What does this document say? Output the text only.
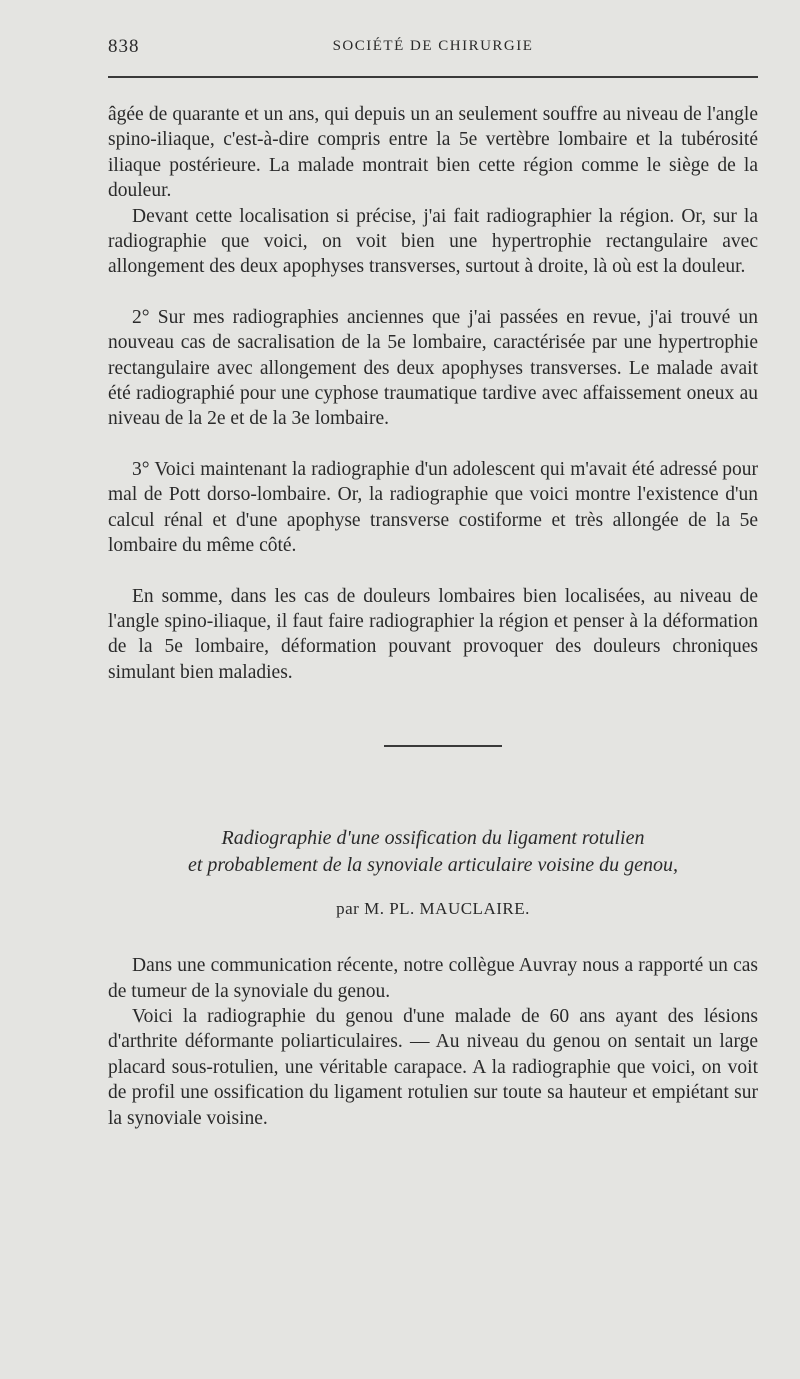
838	SOCIÉTÉ DE CHIRURGIE

âgée de quarante et un ans, qui depuis un an seulement souffre au niveau de l'angle spino-iliaque, c'est-à-dire compris entre la 5e vertèbre lombaire et la tubérosité iliaque postérieure. La malade montrait bien cette région comme le siège de la douleur.

Devant cette localisation si précise, j'ai fait radiographier la région. Or, sur la radiographie que voici, on voit bien une hypertrophie rectangulaire avec allongement des deux apophyses transverses, surtout à droite, là où est la douleur.

2° Sur mes radiographies anciennes que j'ai passées en revue, j'ai trouvé un nouveau cas de sacralisation de la 5e lombaire, caractérisée par une hypertrophie rectangulaire avec allongement des deux apophyses transverses. Le malade avait été radiographié pour une cyphose traumatique tardive avec affaissement oneux au niveau de la 2e et de la 3e lombaire.

3° Voici maintenant la radiographie d'un adolescent qui m'avait été adressé pour mal de Pott dorso-lombaire. Or, la radiographie que voici montre l'existence d'un calcul rénal et d'une apophyse transverse costiforme et très allongée de la 5e lombaire du même côté.

En somme, dans les cas de douleurs lombaires bien localisées, au niveau de l'angle spino-iliaque, il faut faire radiographier la région et penser à la déformation de la 5e lombaire, déformation pouvant provoquer des douleurs chroniques simulant bien maladies.

Radiographie d'une ossification du ligament rotulien

et probablement de la synoviale articulaire voisine du genou,

par M. PL. MAUCLAIRE.

Dans une communication récente, notre collègue Auvray nous a rapporté un cas de tumeur de la synoviale du genou.

Voici la radiographie du genou d'une malade de 60 ans ayant des lésions d'arthrite déformante poliarticulaires. — Au niveau du genou on sentait un large placard sous-rotulien, une véritable carapace. A la radiographie que voici, on voit de profil une ossification du ligament rotulien sur toute sa hauteur et empiétant sur la synoviale voisine.
